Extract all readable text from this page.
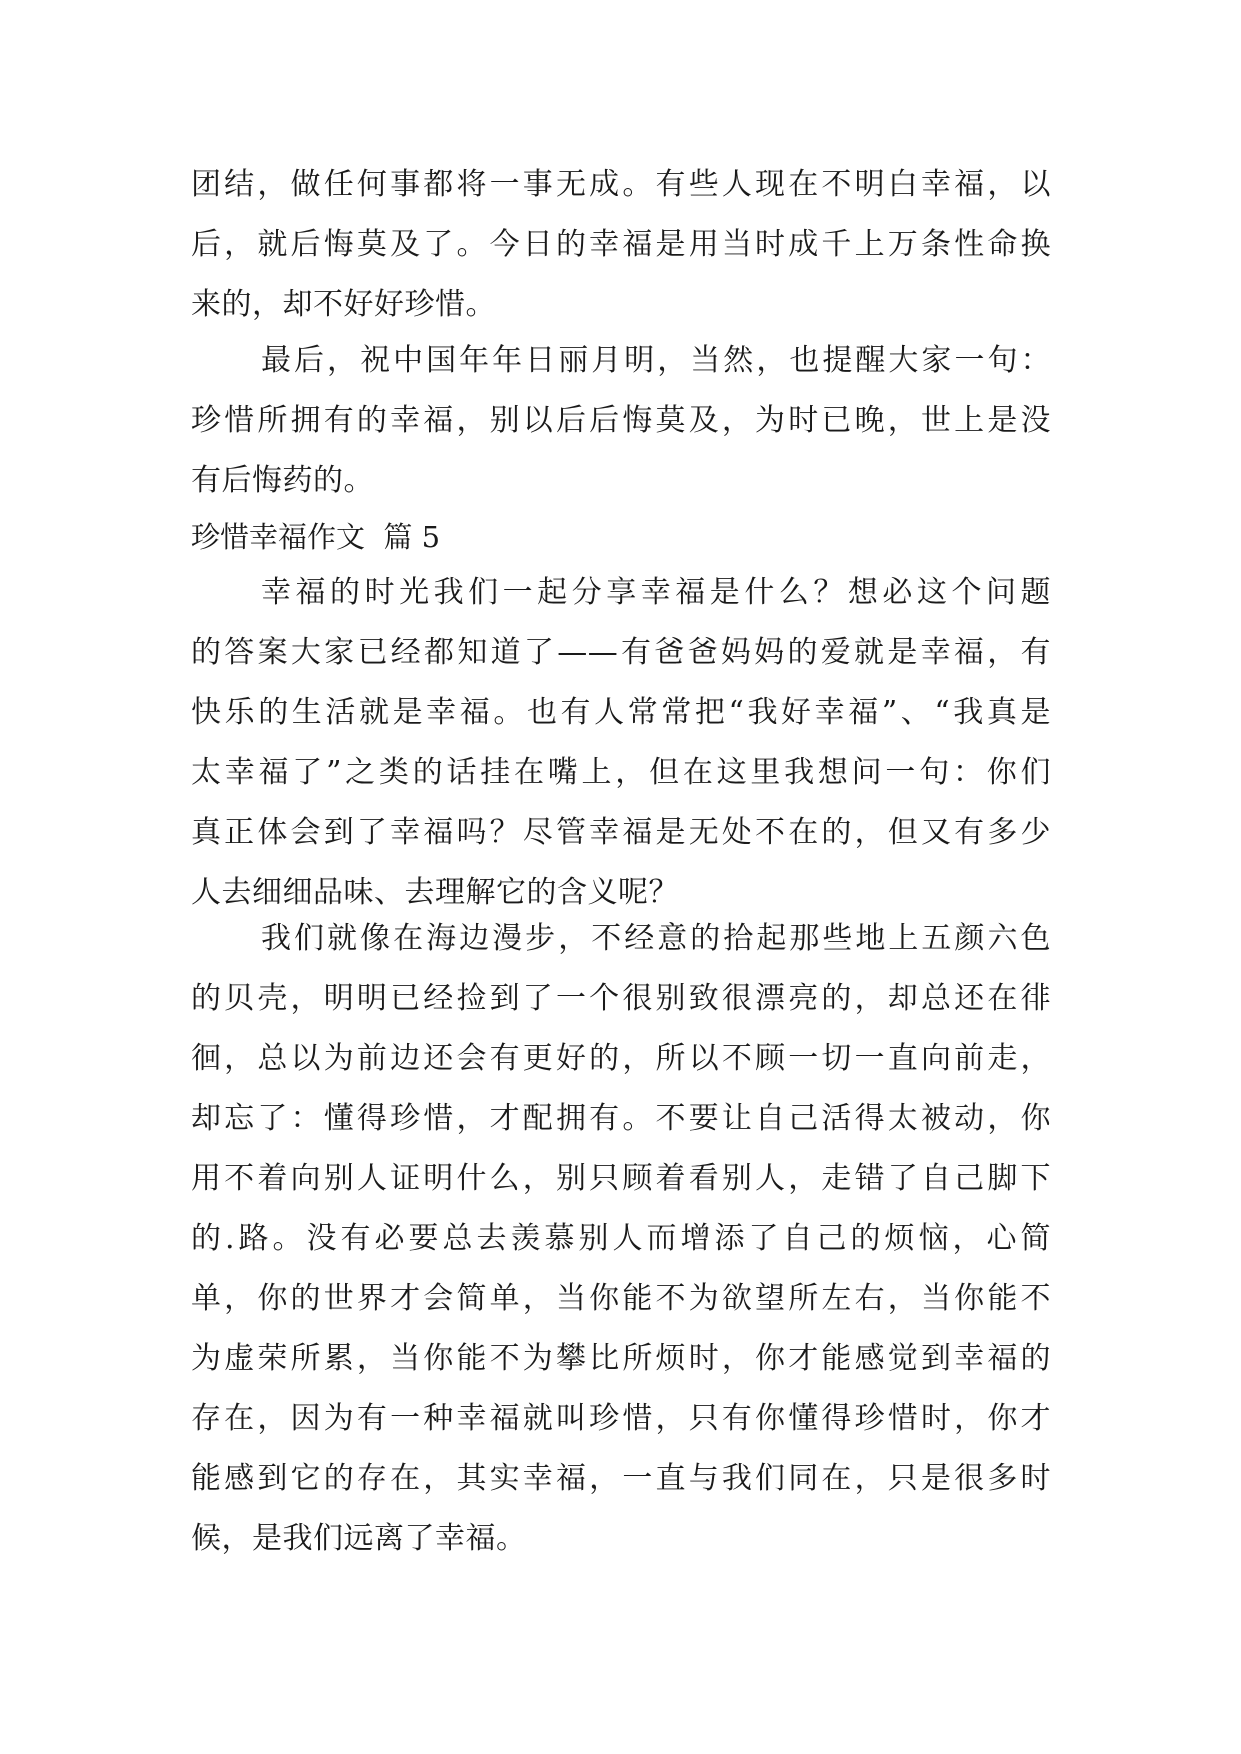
团结，做任何事都将一事无成。有些人现在不明白幸福，以
后，就后悔莫及了。今日的幸福是用当时成千上万条性命换
来的，却不好好珍惜。
最后，祝中国年年日丽月明，当然，也提醒大家一句：
珍惜所拥有的幸福，别以后后悔莫及，为时已晚，世上是没
有后悔药的。
珍惜幸福作文  篇 5
幸福的时光我们一起分享幸福是什么？想必这个问题
的答案大家已经都知道了——有爸爸妈妈的爱就是幸福，有
快乐的生活就是幸福。也有人常常把“我好幸福”、“我真是
太幸福了”之类的话挂在嘴上，但在这里我想问一句：你们
真正体会到了幸福吗？尽管幸福是无处不在的，但又有多少
人去细细品味、去理解它的含义呢？
我们就像在海边漫步，不经意的拾起那些地上五颜六色
的贝壳，明明已经捡到了一个很别致很漂亮的，却总还在徘
徊，总以为前边还会有更好的，所以不顾一切一直向前走，
却忘了：懂得珍惜，才配拥有。不要让自己活得太被动，你
用不着向别人证明什么，别只顾着看别人，走错了自己脚下
的.路。没有必要总去羡慕别人而增添了自己的烦恼，心简
单，你的世界才会简单，当你能不为欲望所左右，当你能不
为虚荣所累，当你能不为攀比所烦时，你才能感觉到幸福的
存在，因为有一种幸福就叫珍惜，只有你懂得珍惜时，你才
能感到它的存在，其实幸福，一直与我们同在，只是很多时
候，是我们远离了幸福。
